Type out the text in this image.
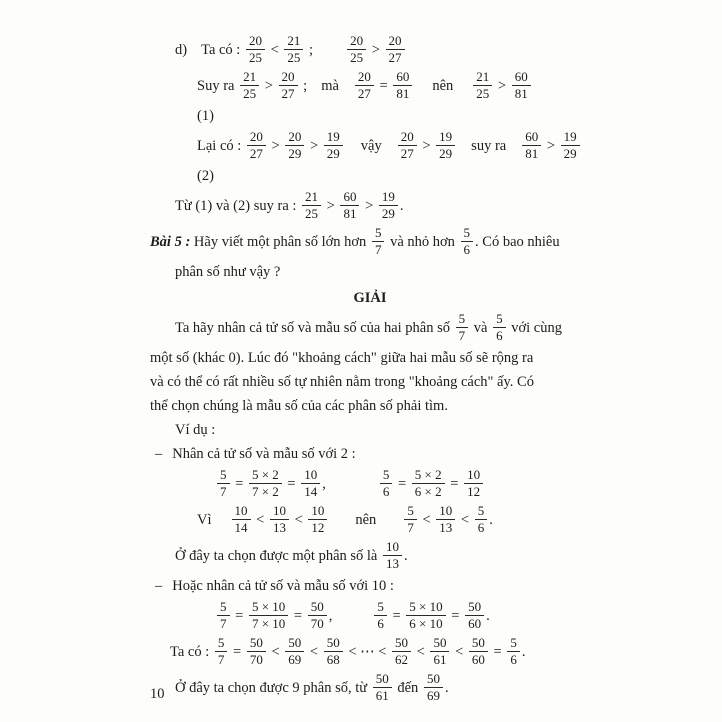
d) Ta có : $\frac{20}{25} < \frac{21}{25}$ ;	$\frac{20}{25} > \frac{20}{27}$
Suy ra $\frac{21}{25} > \frac{20}{27}$ ; mà $\frac{20}{27} = \frac{60}{81}$ nên $\frac{21}{25} > \frac{60}{81}$
(1)
Lại có : $\frac{20}{27} > \frac{20}{29} > \frac{19}{29}$ vậy $\frac{20}{27} > \frac{19}{29}$ suy ra $\frac{60}{81} > \frac{19}{29}$
(2)
Từ (1) và (2) suy ra : $\frac{21}{25} > \frac{60}{81} > \frac{19}{29}$ .
Bài 5 : Hãy viết một phân số lớn hơn $\frac{5}{7}$ và nhỏ hơn $\frac{5}{6}$ . Có bao nhiêu
phân số như vậy ?
GIẢI
Ta hãy nhân cả tử số và mẫu số của hai phân số $\frac{5}{7}$ và $\frac{5}{6}$ với cùng
một số (khác 0). Lúc đó "khoảng cách" giữa hai mẫu số sẽ rộng ra
và có thể có rất nhiều số tự nhiên nằm trong "khoảng cách" ấy. Có
thể chọn chúng là mẫu số của các phân số phải tìm.
Ví dụ :
– Nhân cả tử số và mẫu số với 2 :
$\frac{5}{7} = \frac{5 \times 2}{7 \times 2} = \frac{10}{14}$ ,	$\frac{5}{6} = \frac{5 \times 2}{6 \times 2} = \frac{10}{12}$
Vì $\frac{10}{14} < \frac{10}{13} < \frac{10}{12}$ nên $\frac{5}{7} < \frac{10}{13} < \frac{5}{6}$ .
Ở đây ta chọn được một phân số là $\frac{10}{13}$ .
– Hoặc nhân cả tử số và mẫu số với 10 :
$\frac{5}{7} = \frac{5 \times 10}{7 \times 10} = \frac{50}{70}$ ,	$\frac{5}{6} = \frac{5 \times 10}{6 \times 10} = \frac{50}{60}$ .
Ta có : $\frac{5}{7} = \frac{50}{70} < \frac{50}{69} < \frac{50}{68}$ < ⋯ < $\frac{50}{62} < \frac{50}{61} < \frac{50}{60} = \frac{5}{6}$ .
Ở đây ta chọn được 9 phân số, từ $\frac{50}{61}$ đến $\frac{50}{69}$ .
10
